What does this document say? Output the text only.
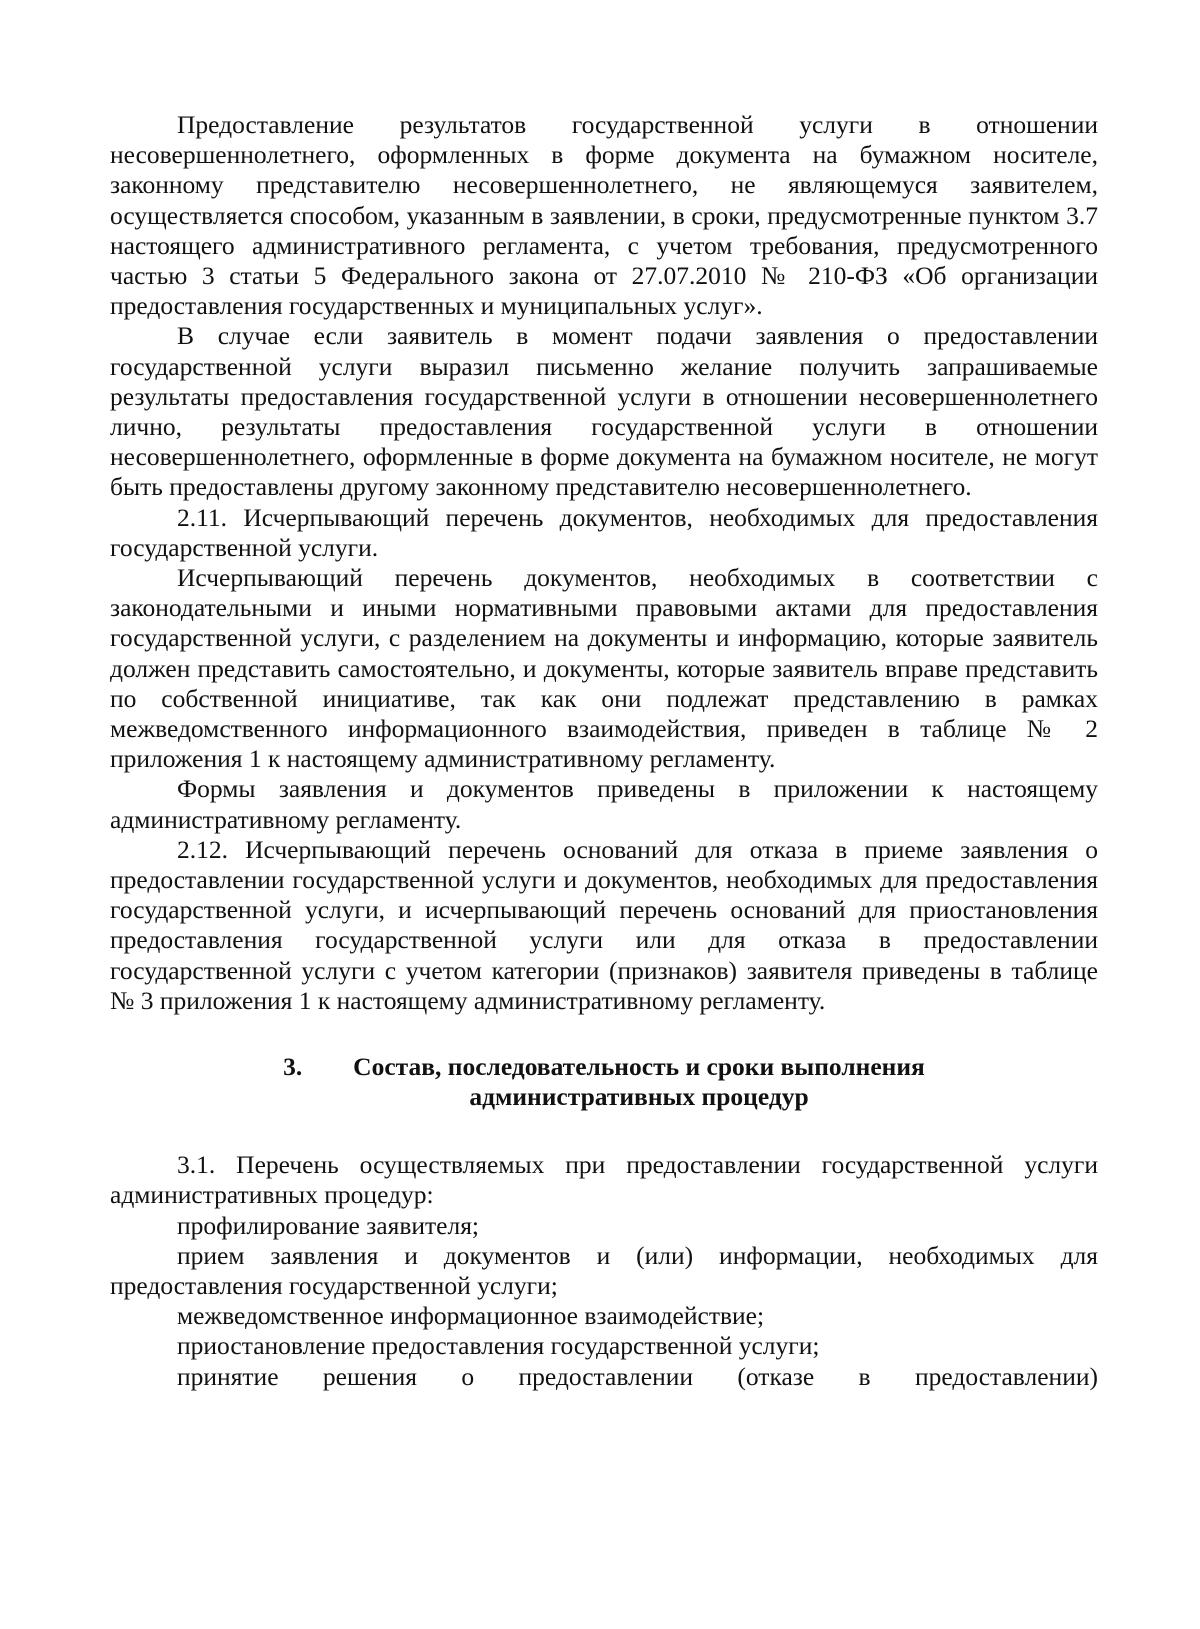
Предоставление результатов государственной услуги в отношении несовершеннолетнего, оформленных в форме документа на бумажном носителе, законному представителю несовершеннолетнего, не являющемуся заявителем, осуществляется способом, указанным в заявлении, в сроки, предусмотренные пунктом 3.7 настоящего административного регламента, с учетом требования, предусмотренного частью 3 статьи 5 Федерального закона от 27.07.2010 № 210-ФЗ «Об организации предоставления государственных и муниципальных услуг».

В случае если заявитель в момент подачи заявления о предоставлении государственной услуги выразил письменно желание получить запрашиваемые результаты предоставления государственной услуги в отношении несовершеннолетнего лично, результаты предоставления государственной услуги в отношении несовершеннолетнего, оформленные в форме документа на бумажном носителе, не могут быть предоставлены другому законному представителю несовершеннолетнего.

2.11. Исчерпывающий перечень документов, необходимых для предоставления государственной услуги.

Исчерпывающий перечень документов, необходимых в соответствии с законодательными и иными нормативными правовыми актами для предоставления государственной услуги, с разделением на документы и информацию, которые заявитель должен представить самостоятельно, и документы, которые заявитель вправе представить по собственной инициативе, так как они подлежат представлению в рамках межведомственного информационного взаимодействия, приведен в таблице № 2 приложения 1 к настоящему административному регламенту.

Формы заявления и документов приведены в приложении к настоящему административному регламенту.

2.12. Исчерпывающий перечень оснований для отказа в приеме заявления о предоставлении государственной услуги и документов, необходимых для предоставления государственной услуги, и исчерпывающий перечень оснований для приостановления предоставления государственной услуги или для отказа в предоставлении государственной услуги с учетом категории (признаков) заявителя приведены в таблице № 3 приложения 1 к настоящему административному регламенту.

3. Состав, последовательность и сроки выполнения
административных процедур

3.1. Перечень осуществляемых при предоставлении государственной услуги административных процедур:

профилирование заявителя;

прием заявления и документов и (или) информации, необходимых для предоставления государственной услуги;

межведомственное информационное взаимодействие;

приостановление предоставления государственной услуги;

принятие решения о предоставлении (отказе в предоставлении)
